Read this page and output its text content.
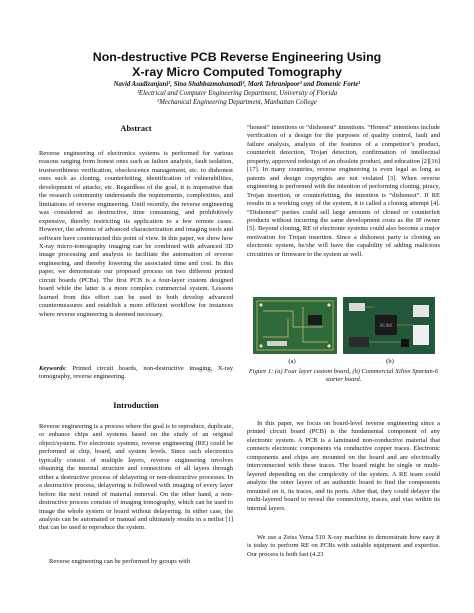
Non-destructive PCB Reverse Engineering Using
X-ray Micro Computed Tomography
Navid Asadizanjani¹, Sina Shahbazmohamadi², Mark Tehranipoor¹ and Domenic Forte¹
¹Electrical and Computer Engineering Department, University of Florida
²Mechanical Engineering Department, Manhattan College
Abstract

Reverse engineering of electronics systems is performed for various reasons ranging from honest ones such as failure analysis, fault isolation, trustworthiness verification, obsolescence management, etc. to dishonest ones such as cloning, counterfeiting, identification of vulnerabilities, development of attacks, etc. Regardless of the goal, it is imperative that the research community understands the requirements, complexities, and limitations of reverse engineering. Until recently, the reverse engineering was considered as destructive, time consuming, and prohibitively expensive, thereby restricting its application to a few remote cases. However, the advents of advanced characterization and imaging tools and software have counteracted this point of view. In this paper, we show how X-ray micro-tomography imaging can be combined with advanced 3D image processing and analysis to facilitate the automation of reverse engineering, and thereby lowering the associated time and cost. In this paper, we demonstrate our proposed process on two different printed circuit boards (PCBs). The first PCB is a four-layer custom designed board while the latter is a more complex commercial system. Lessons learned from this effort can be used to both develop advanced countermeasures and establish a more efficient workflow for instances where reverse engineering is deemed necessary.

Keywords: Printed circuit boards, non-destructive imaging, X-ray tomography, reverse engineering.
Introduction

Reverse engineering is a process where the goal is to reproduce, duplicate, or enhance chips and systems based on the study of an original object/system. For electronic systems, reverse engineering (RE) could be performed at chip, board, and system levels. Since such electronics typically consist of multiple layers, reverse engineering involves obtaining the internal structure and connections of all layers through either a destructive process of delayering or non-destructive processes. In a destructive process, delayering is followed with imaging of every layer before the next round of material removal. On the other hand, a non-destructive process consists of imaging tomography, which can be used to image the whole system or board without delayering. In either case, the analysis can be automated or manual and ultimately results in a netlist [1] that can be used to reproduce the system.

Reverse engineering can be performed by groups with

“honest” intentions or “dishonest” intentions. “Honest” intentions include verification of a design for the purposes of quality control, fault and failure analysis, analysis of the features of a competitor’s product, counterfeit detection, Trojan detection, confirmation of intellectual property, approved redesign of an obsolete product, and education [2][16][17]. In many countries, reverse engineering is even legal as long as patents and design copyrights are not violated [3]. When reverse engineering is performed with the intention of performing cloning, piracy, Trojan insertion, or counterfeiting, the intention is “dishonest”. If RE results in a working copy of the system, it is called a cloning attempt [4]. “Dishonest” parties could sell large amounts of cloned or counterfeit products without incurring the same development costs as the IP owner [5]. Beyond cloning, RE of electronic systems could also become a major motivation for Trojan insertion. Since a dishonest party is cloning an electronic system, he/she will have the capability of adding malicious circuitries or firmware to the system as well.

XILINX
(a)	(b)
Figure 1: (a) Four layer custom board, (b) Commercial Xilinx Spartan-6 starter board.

In this paper, we focus on board-level reverse engineering since a printed circuit board (PCB) is the fundamental component of any electronic system. A PCB is a laminated non-conductive material that connects electronic components via conductive copper traces. Electronic components and chips are mounted on the board and are electrically interconnected with these traces. The board might be single or multi- layered depending on the complexity of the system. A RE team could analyze the outer layers of an authentic board to find the components mounted on it, its traces, and its ports. After that, they could delayer the multi-layered board to reveal the connectivity, traces, and vias within its internal layers.

We use a Zeiss Versa 510 X-ray machine to demonstrate how easy it is today to perform RE on PCBs with suitable equipment and expertise. Our process is both fast (4.23
